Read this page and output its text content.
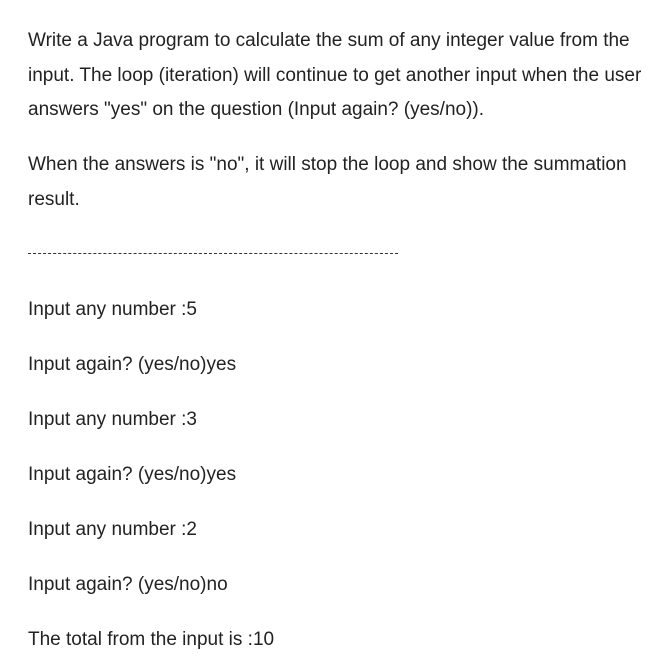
Write a Java program to calculate the sum of any integer value from the input. The loop (iteration) will continue to get another input when the user answers "yes" on the question (Input again? (yes/no)).

When the answers is "no", it will stop the loop and show the summation result.

Input any number :5
Input again? (yes/no)yes
Input any number :3
Input again? (yes/no)yes
Input any number :2
Input again? (yes/no)no
The total from the input is :10
